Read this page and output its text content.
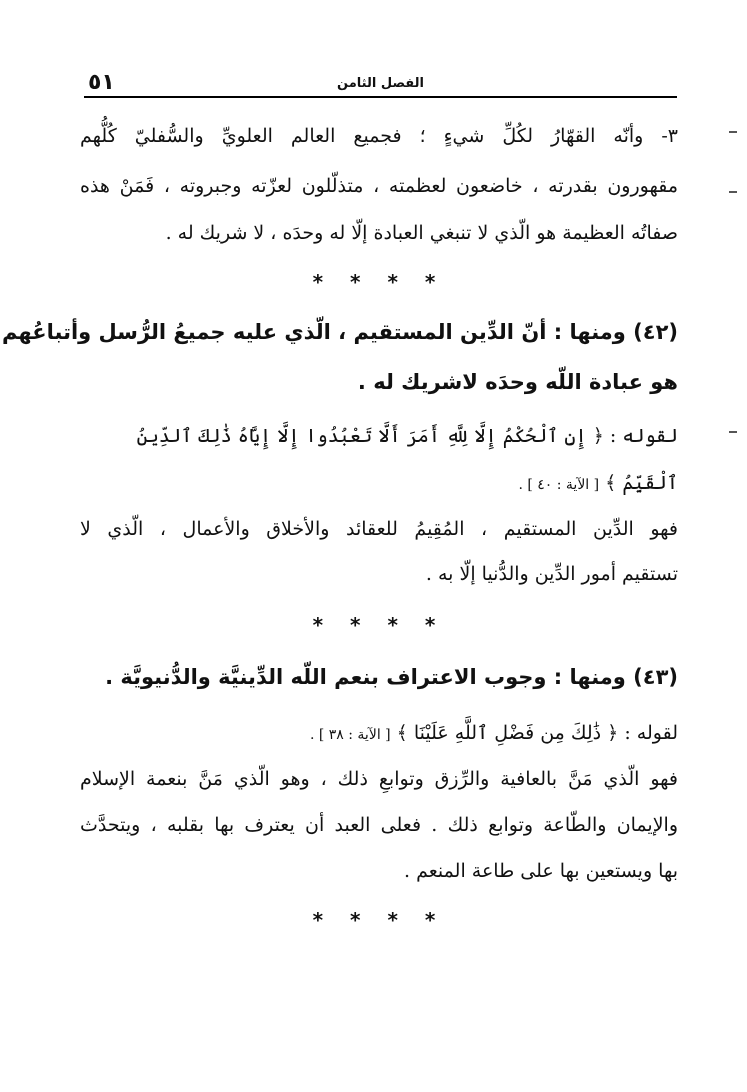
٥١	الفصل الثامن
٣- وأنّه القهّارُ لكُلِّ شيءٍ ؛ فجميع العالم العلويِّ والسُّفليّ كُلُّهم
مقهورون بقدرته ، خاضعون لعظمته ، متذلّلون لعزّته وجبروته ، فَمَنْ هذه
صفاتُه العظيمة هو الّذي لا تنبغي العبادة إلّا له وحدَه ، لا شريك له .
* * * *
(٤٢) ومنها : أنّ الدِّين المستقيم ، الّذي عليه جميعُ الرُّسل وأتباعُهم
هو عبادة اللّه وحدَه لاشريك له .
لقوله : ﴿ إِنِ ٱلْحُكْمُ إِلَّا لِلَّهِ أَمَرَ أَلَّا تَعْبُدُوا إِلَّا إِيَّاهُ ذَٰلِكَ ٱلدِّينُ
ٱلْقَيِّمُ ﴾ [ الآية : ٤٠ ] .
فهو الدِّين المستقيم ، المُقِيمُ للعقائد والأخلاق والأعمال ، الّذي لا
تستقيم أمور الدِّين والدُّنيا إلّا به .
* * * *
(٤٣) ومنها : وجوب الاعتراف بنعم اللّه الدِّينيَّة والدُّنيويَّة .
لقوله : ﴿ ذَٰلِكَ مِن فَضْلِ ٱللَّهِ عَلَيْنَا ﴾ [ الآية : ٣٨ ] .
فهو الّذي مَنَّ بالعافية والرِّزق وتوابعِ ذلك ، وهو الّذي مَنَّ بنعمة الإسلام
والإيمان والطّاعة وتوابع ذلك . فعلى العبد أن يعترف بها بقلبه ، ويتحدَّث
بها ويستعين بها على طاعة المنعم .
* * * *
